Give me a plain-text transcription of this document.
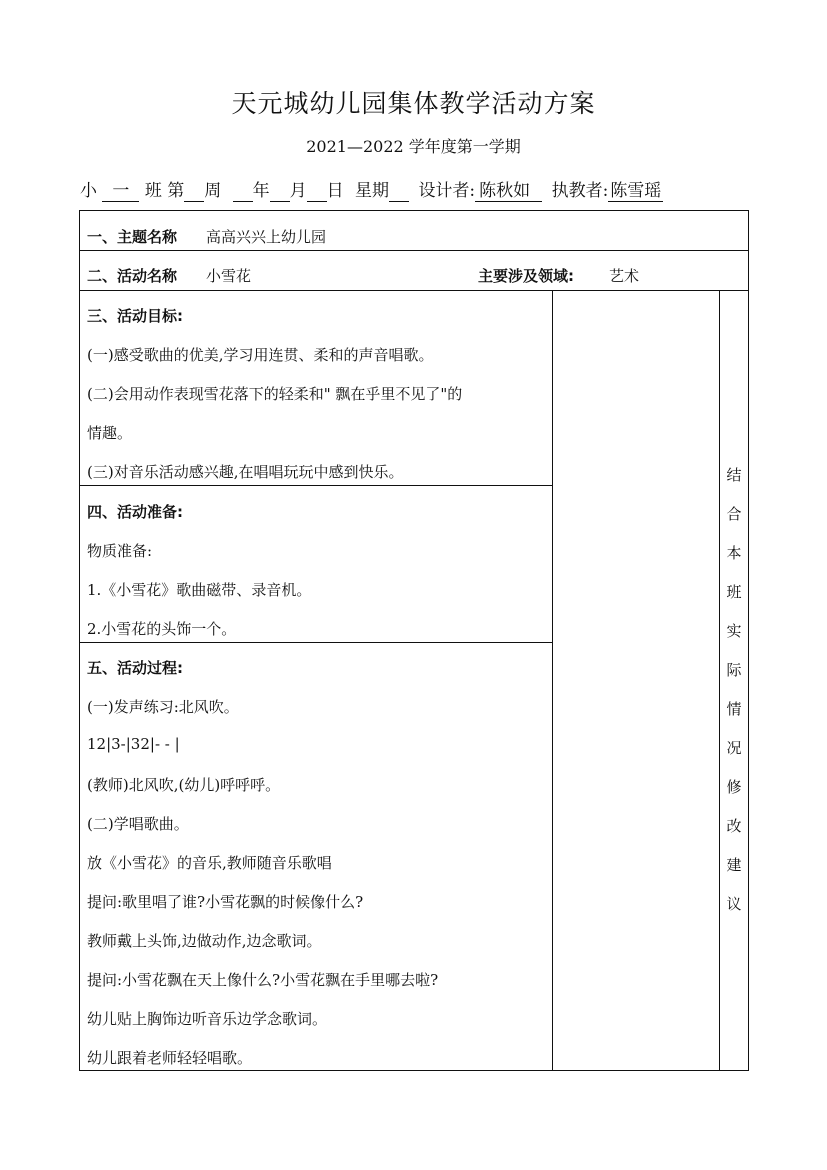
天元城幼儿园集体教学活动方案
2021—2022 学年度第一学期
小 一 班 第 周 年 月 日 星期 设计者: 陈秋如 执教者: 陈雪瑶
一、主题名称 高高兴兴上幼儿园
二、活动名称 小雪花	主要涉及领域: 艺术
三、活动目标:
(一)感受歌曲的优美,学习用连贯、柔和的声音唱歌。
(二)会用动作表现雪花落下的轻柔和" 飘在乎里不见了"的
情趣。
(三)对音乐活动感兴趣,在唱唱玩玩中感到快乐。
四、活动准备:
物质准备:
1.《小雪花》歌曲磁带、录音机。
2.小雪花的头饰一个。
五、活动过程:
(一)发声练习:北风吹。
12|3-|32|- - |
(教师)北风吹,(幼儿)呼呼呼。
(二)学唱歌曲。
放《小雪花》的音乐,教师随音乐歌唱
提问:歌里唱了谁?小雪花飘的时候像什么?
教师戴上头饰,边做动作,边念歌词。
提问:小雪花飘在天上像什么?小雪花飘在手里哪去啦?
幼儿贴上胸饰边听音乐边学念歌词。
幼儿跟着老师轻轻唱歌。
结
合
本
班
实
际
情
况
修
改
建
议
